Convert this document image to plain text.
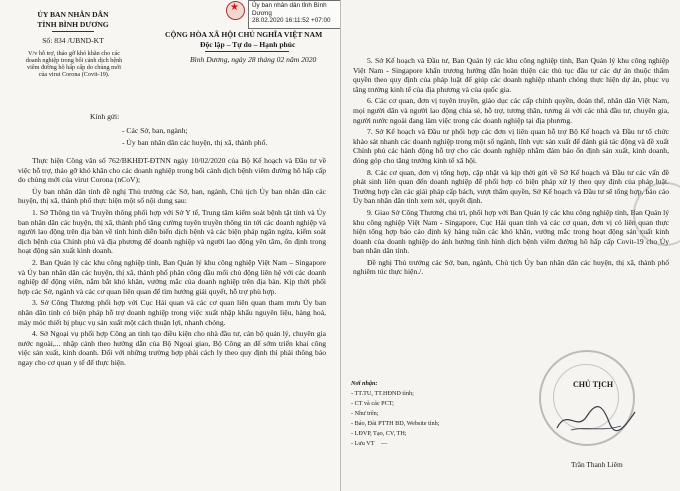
ỦY BAN NHÂN DÂN
TỈNH BÌNH DƯƠNG
Số: 834 /UBND-KT
V/v hỗ trợ, tháo gỡ khó khăn cho các
doanh nghiệp trong bối cảnh dịch bệnh
viêm đường hô hấp cấp do chủng mới
của virut Corona (Covit-19).
★
CỘNG HÒA XÃ HỘI CHỦ NGHĨA VIỆT NAM
Độc lập – Tự do – Hạnh phúc
Bình Dương, ngày 28 tháng 02 năm 2020
Kính gửi:
- Các Sở, ban, ngành;
- Ủy ban nhân dân các huyện, thị xã, thành phố.

Thực hiện Công văn số 762/BKHĐT-ĐTNN ngày 10/02/2020 của Bộ Kế hoạch và Đầu tư về việc hỗ trợ, tháo gỡ khó khăn cho các doanh nghiệp trong bối cảnh dịch bệnh viêm đường hô hấp cấp do chủng mới của virut Corona (nCoV);

Ủy ban nhân dân tỉnh đề nghị Thủ trưởng các Sở, ban, ngành, Chủ tịch Ủy ban nhân dân các huyện, thị xã, thành phố thực hiện một số nội dung sau:

1. Sở Thông tin và Truyền thông phối hợp với Sở Y tế, Trung tâm kiểm soát bệnh tật tỉnh và Ủy ban nhân dân các huyện, thị xã, thành phố tăng cường tuyên truyền thông tin tới các doanh nghiệp và người lao động trên địa bàn về tình hình diễn biến dịch bệnh và các biện pháp ngăn ngừa, kiểm soát dịch bệnh của Chính phủ và địa phương để doanh nghiệp và người lao động yên tâm, ổn định trong hoạt động sản xuất kinh doanh.

2. Ban Quản lý các khu công nghiệp tỉnh, Ban Quản lý khu công nghiệp Việt Nam – Singapore và Ủy ban nhân dân các huyện, thị xã, thành phố phân công đầu mối chủ động liên hệ với các doanh nghiệp để động viên, nắm bắt khó khăn, vướng mắc của doanh nghiệp trên địa bàn. Kịp thời phối hợp các Sở, ngành và các cơ quan liên quan để tìm hướng giải quyết, hỗ trợ phù hợp.

3. Sở Công Thương phối hợp với Cục Hải quan và các cơ quan liên quan tham mưu Ủy ban nhân dân tỉnh có biện pháp hỗ trợ doanh nghiệp trong việc xuất nhập khẩu nguyên liệu, hàng hoá, máy móc thiết bị phục vụ sản xuất một cách thuận lợi, nhanh chóng.

4. Sở Ngoại vụ phối hợp Công an tỉnh tạo điều kiện cho nhà đầu tư, cán bộ quản lý, chuyên gia nước ngoài,... nhập cảnh theo hướng dẫn của Bộ Ngoại giao, Bộ Công an để sớm triển khai công việc sản xuất, kinh doanh. Đối với những trường hợp phải cách ly theo quy định thì phải thông báo ngay cho cơ quan y tế để thực hiện.

Ủy ban nhân dân tỉnh Bình
Dương
28.02.2020 16:11:52 +07:00

5. Sở Kế hoạch và Đầu tư, Ban Quản lý các khu công nghiệp tỉnh, Ban Quản lý khu công nghiệp Việt Nam - Singapore khẩn trương hướng dẫn hoàn thiện các thủ tục đầu tư các dự án thuộc thẩm quyền theo quy định của pháp luật để giúp các doanh nghiệp nhanh chóng thực hiện dự án, phục vụ tăng trưởng kinh tế của địa phương và của quốc gia.

6. Các cơ quan, đơn vị tuyên truyền, giáo dục các cấp chính quyền, đoàn thể, nhân dân Việt Nam, mọi người dân và người lao động chia sẻ, hỗ trợ, tương thân, tương ái với các nhà đầu tư, chuyên gia, người nước ngoài đang làm việc trong các doanh nghiệp tại địa phương.

7. Sở Kế hoạch và Đầu tư phối hợp các đơn vị liên quan hỗ trợ Bộ Kế hoạch và Đầu tư tổ chức khảo sát nhanh các doanh nghiệp trong một số ngành, lĩnh vực sản xuất để đánh giá tác động và đề xuất Chính phủ các hành động hỗ trợ cho các doanh nghiệp nhằm đảm bảo ổn định sản xuất, kinh doanh, đóng góp cho tăng trưởng kinh tế xã hội.

8. Các cơ quan, đơn vị tổng hợp, cập nhật và kịp thời gửi về Sở Kế hoạch và Đầu tư các vấn đề phát sinh liên quan đến doanh nghiệp để phối hợp có biện pháp xử lý theo quy định của pháp luật. Trường hợp cần các giải pháp cấp bách, vượt thẩm quyền, Sở Kế hoạch và Đầu tư sẽ tổng hợp, báo cáo Ủy ban nhân dân tỉnh xem xét, quyết định.

9. Giao Sở Công Thương chủ trì, phối hợp với Ban Quản lý các khu công nghiệp tỉnh, Ban Quản lý khu công nghiệp Việt Nam - Singapore, Cục Hải quan tỉnh và các cơ quan, đơn vị có liên quan thực hiện tổng hợp báo cáo định kỳ hàng tuần các khó khăn, vướng mắc trong hoạt động sản xuất kinh doanh của doanh nghiệp do ảnh hưởng tình hình dịch bệnh viêm đường hô hấp cấp Covit-19 cho Ủy ban nhân dân tỉnh.

Đề nghị Thủ trưởng các Sở, ban, ngành, Chủ tịch Ủy ban nhân dân các huyện, thị xã, thành phố nghiêm túc thực hiện./.

Nơi nhận:
- TT.TU, TT.HĐND tỉnh;
- CT và các PCT;
- Như trên;
- Báo, Đài PTTH BD, Website tỉnh;
- LĐVP, Tạo, CV, TH;
- Lưu VT —
CHỦ TỊCH
Trần Thanh Liêm
